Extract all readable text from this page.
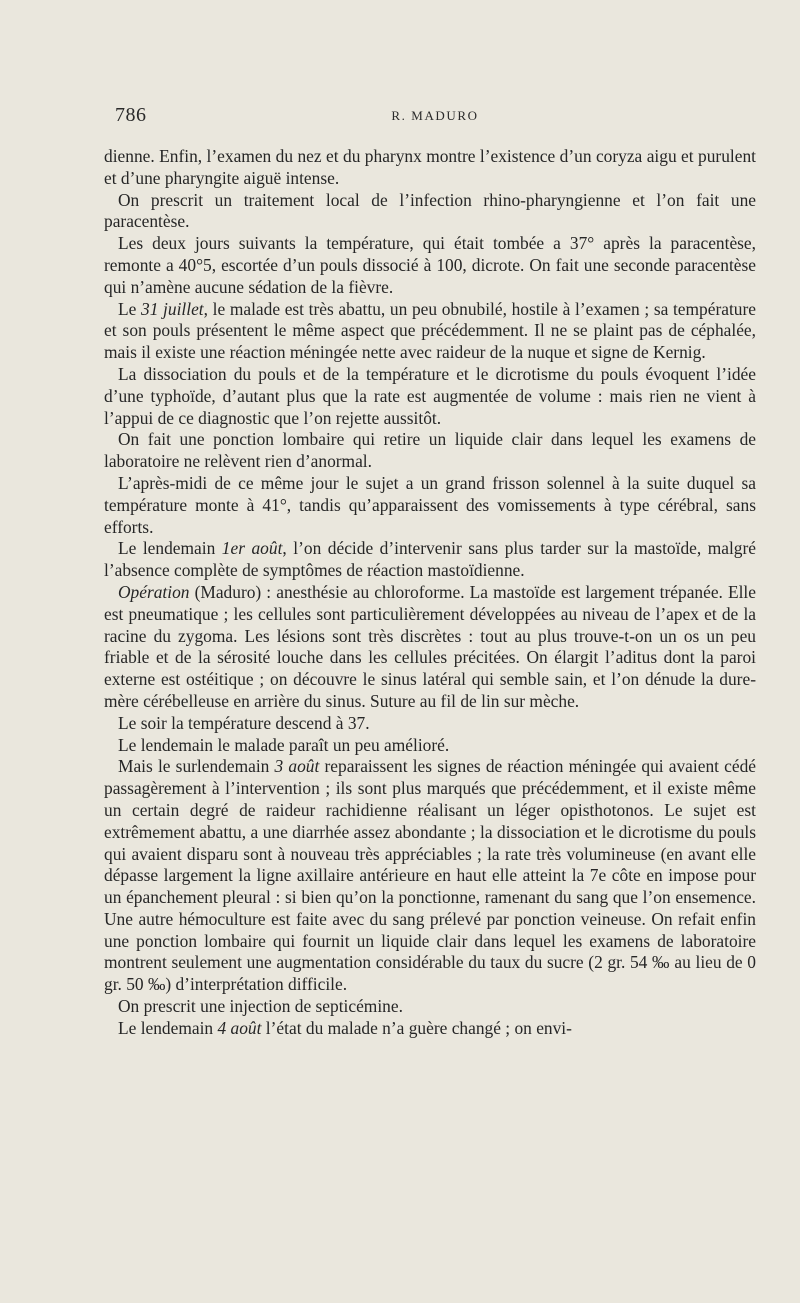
786	R. MADURO

dienne. Enfin, l’examen du nez et du pharynx montre l’existence d’un coryza aigu et purulent et d’une pharyngite aiguë intense.

On prescrit un traitement local de l’infection rhino-pharyngienne et l’on fait une paracentèse.

Les deux jours suivants la température, qui était tombée a 37° après la paracentèse, remonte a 40°5, escortée d’un pouls dissocié à 100, dicrote. On fait une seconde paracentèse qui n’amène aucune sédation de la fièvre.

Le 31 juillet, le malade est très abattu, un peu obnubilé, hostile à l’examen ; sa température et son pouls présentent le même aspect que précédemment. Il ne se plaint pas de céphalée, mais il existe une réaction méningée nette avec raideur de la nuque et signe de Kernig.

La dissociation du pouls et de la température et le dicrotisme du pouls évoquent l’idée d’une typhoïde, d’autant plus que la rate est augmentée de volume : mais rien ne vient à l’appui de ce diagnostic que l’on rejette aussitôt.

On fait une ponction lombaire qui retire un liquide clair dans lequel les examens de laboratoire ne relèvent rien d’anormal.

L’après-midi de ce même jour le sujet a un grand frisson solennel à la suite duquel sa température monte à 41°, tandis qu’apparaissent des vomissements à type cérébral, sans efforts.

Le lendemain 1er août, l’on décide d’intervenir sans plus tarder sur la mastoïde, malgré l’absence complète de symptômes de réaction mastoïdienne.

Opération (Maduro) : anesthésie au chloroforme. La mastoïde est largement trépanée. Elle est pneumatique ; les cellules sont particulièrement développées au niveau de l’apex et de la racine du zygoma. Les lésions sont très discrètes : tout au plus trouve-t-on un os un peu friable et de la sérosité louche dans les cellules précitées. On élargit l’aditus dont la paroi externe est ostéitique ; on découvre le sinus latéral qui semble sain, et l’on dénude la dure-mère cérébelleuse en arrière du sinus. Suture au fil de lin sur mèche.

Le soir la température descend à 37.

Le lendemain le malade paraît un peu amélioré.

Mais le surlendemain 3 août reparaissent les signes de réaction méningée qui avaient cédé passagèrement à l’intervention ; ils sont plus marqués que précédemment, et il existe même un certain degré de raideur rachidienne réalisant un léger opisthotonos. Le sujet est extrêmement abattu, a une diarrhée assez abondante ; la dissociation et le dicrotisme du pouls qui avaient disparu sont à nouveau très appréciables ; la rate très volumineuse (en avant elle dépasse largement la ligne axillaire antérieure en haut elle atteint la 7e côte en impose pour un épanchement pleural : si bien qu’on la ponctionne, ramenant du sang que l’on ensemence. Une autre hémoculture est faite avec du sang prélevé par ponction veineuse. On refait enfin une ponction lombaire qui fournit un liquide clair dans lequel les examens de laboratoire montrent seulement une augmentation considérable du taux du sucre (2 gr. 54 ‰ au lieu de 0 gr. 50 ‰) d’interprétation difficile.

On prescrit une injection de septicémine.

Le lendemain 4 août l’état du malade n’a guère changé ; on envi-
